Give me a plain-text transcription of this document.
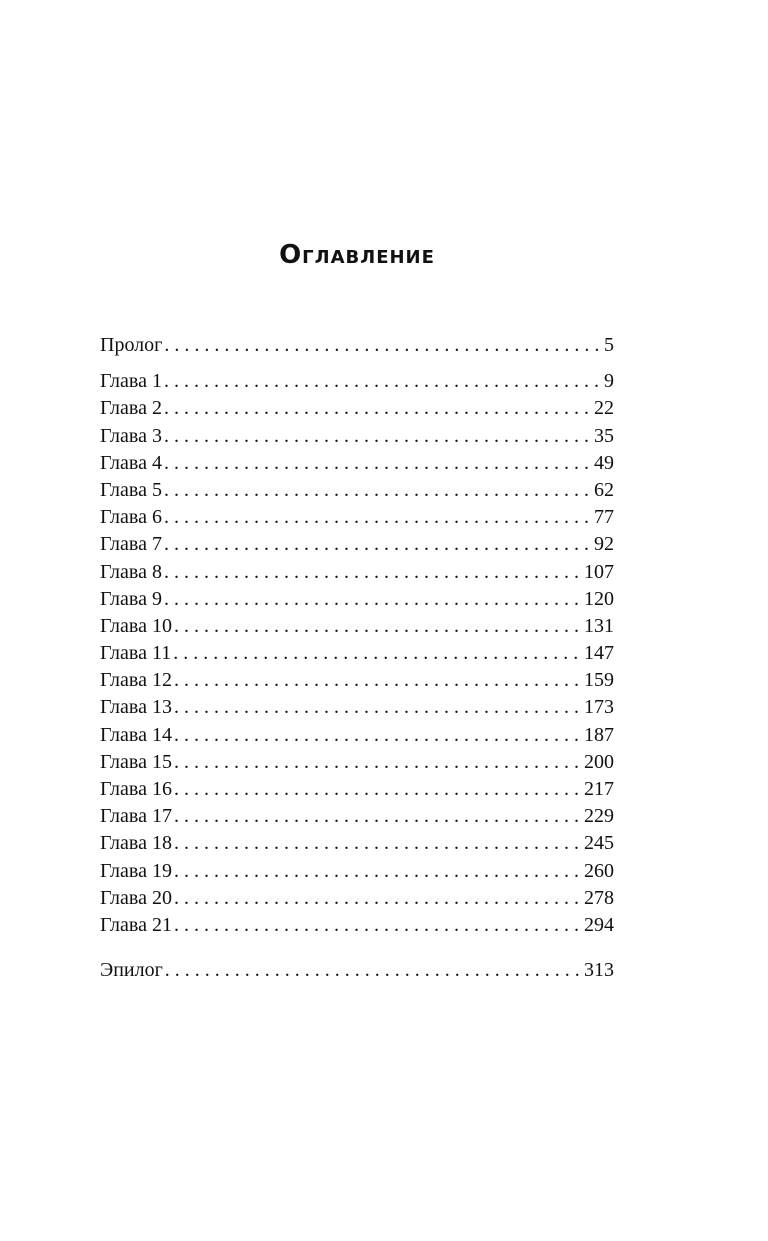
Оглавление
Пролог .....	5
Глава 1 .....	9
Глава 2 .....	22
Глава 3 .....	35
Глава 4 .....	49
Глава 5 .....	62
Глава 6 .....	77
Глава 7 .....	92
Глава 8 .....	107
Глава 9 .....	120
Глава 10 .....	131
Глава 11 .....	147
Глава 12 .....	159
Глава 13 .....	173
Глава 14 .....	187
Глава 15 .....	200
Глава 16 .....	217
Глава 17 .....	229
Глава 18 .....	245
Глава 19 .....	260
Глава 20 .....	278
Глава 21 .....	294
Эпилог .....	313
